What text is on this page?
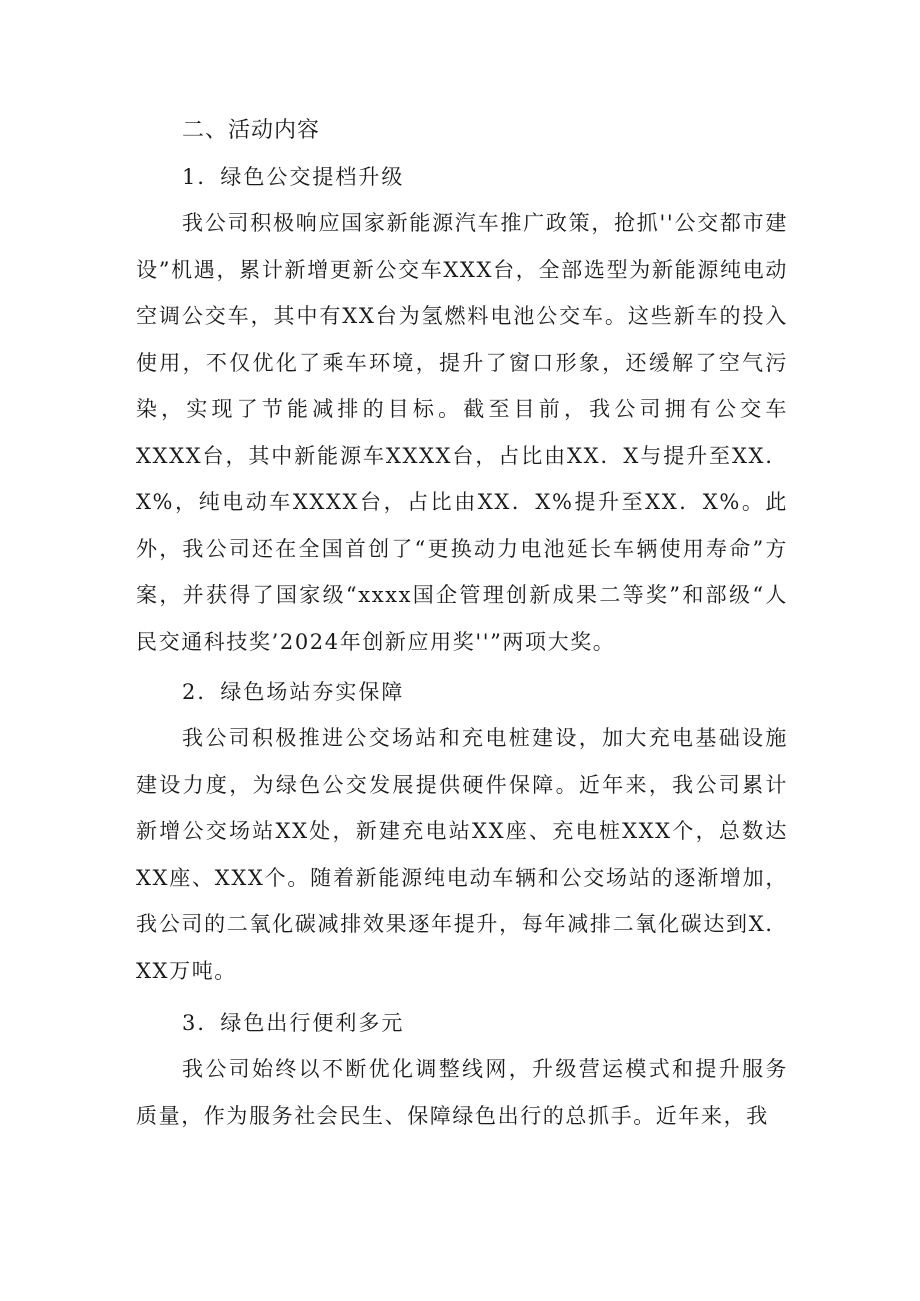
二、活动内容
1．绿色公交提档升级

我公司积极响应国家新能源汽车推广政策，抢抓''公交都市建设”机遇，累计新增更新公交车XXX台，全部选型为新能源纯电动空调公交车，其中有XX台为氢燃料电池公交车。这些新车的投入使用，不仅优化了乘车环境，提升了窗口形象，还缓解了空气污染，实现了节能减排的目标。截至目前，我公司拥有公交车XXXX台，其中新能源车XXXX台，占比由XX．X与提升至XX．X%，纯电动车XXXX台，占比由XX．X%提升至XX．X%。此外，我公司还在全国首创了“更换动力电池延长车辆使用寿命”方案，并获得了国家级“xxxx国企管理创新成果二等奖”和部级“人民交通科技奖’2024年创新应用奖''”两项大奖。

2．绿色场站夯实保障

我公司积极推进公交场站和充电桩建设，加大充电基础设施建设力度，为绿色公交发展提供硬件保障。近年来，我公司累计新增公交场站XX处，新建充电站XX座、充电桩XXX个，总数达XX座、XXX个。随着新能源纯电动车辆和公交场站的逐渐增加，我公司的二氧化碳减排效果逐年提升，每年减排二氧化碳达到X．XX万吨。

3．绿色出行便利多元

我公司始终以不断优化调整线网，升级营运模式和提升服务质量，作为服务社会民生、保障绿色出行的总抓手。近年来，我
